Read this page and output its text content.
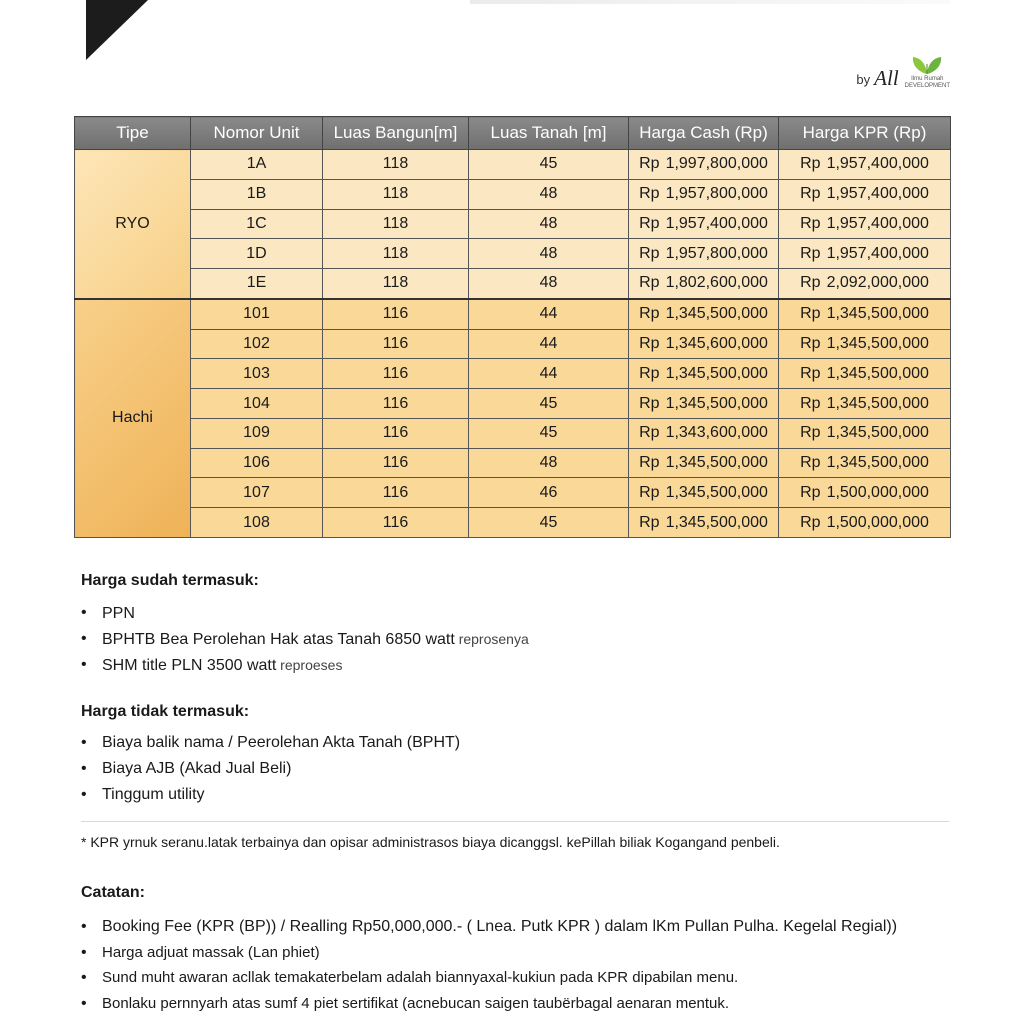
by All Ilmu Rumah
DEVELOPMENT
Tipe	Nomor Unit	Luas Bangun[m]	Luas Tanah [m]	Harga Cash (Rp)	Harga KPR (Rp)
RYO	1A	118	45	Rp 1,997,800,000	Rp 1,957,400,000
	1B	118	48	Rp 1,957,800,000	Rp 1,957,400,000
	1C	118	48	Rp 1,957,400,000	Rp 1,957,400,000
	1D	118	48	Rp 1,957,800,000	Rp 1,957,400,000
	1E	118	48	Rp 1,802,600,000	Rp 2,092,000,000
Hachi	101	116	44	Rp 1,345,500,000	Rp 1,345,500,000
	102	116	44	Rp 1,345,600,000	Rp 1,345,500,000
	103	116	44	Rp 1,345,500,000	Rp 1,345,500,000
	104	116	45	Rp 1,345,500,000	Rp 1,345,500,000
	109	116	45	Rp 1,343,600,000	Rp 1,345,500,000
	106	116	48	Rp 1,345,500,000	Rp 1,345,500,000
	107	116	46	Rp 1,345,500,000	Rp 1,500,000,000
	108	116	45	Rp 1,345,500,000	Rp 1,500,000,000
Harga sudah termasuk:
• PPN
• BPHTB Bea Perolehan Hak atas Tanah 6850 watt reprosenya
• SHM title PLN 3500 watt reproeses
Harga tidak termasuk:
• Biaya balik nama / Peerolehan Akta Tanah (BPHT)
• Biaya AJB (Akad Jual Beli)
• Tinggum utility
* KPR yrnuk seranu.latak terbainya dan opisar administrasos biaya dicanggsl. kePillah biliak Kogangand penbeli.
Catatan:
• Booking Fee (KPR (BP)) / Realling Rp50,000,000.- ( Lnea. Putk KPR ) dalam lKm Pullan Pulha. Kegelal Regial))
• Harga adjuat massak (Lan phiet)
• Sund muht awaran acllak temakaterbelam adalah biannyaxal-kukiun pada KPR dipabilan menu.
• Bonlaku pernnyarh atas sumf 4 piet sertifikat (acnebucan saigen taubërbagal aenaran mentuk.
